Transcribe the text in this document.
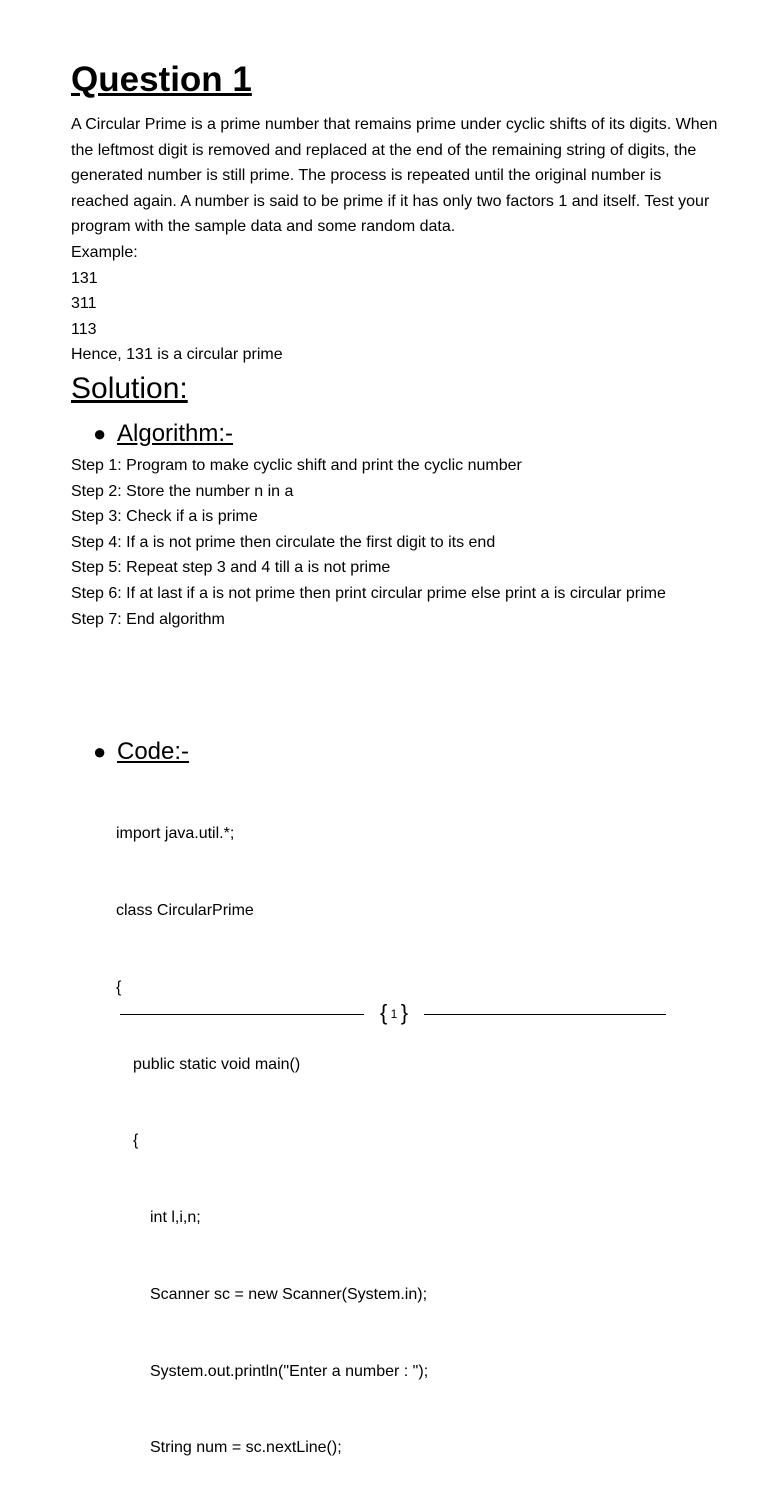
Question 1

A Circular Prime is a prime number that remains prime under cyclic shifts of its digits. When the leftmost digit is removed and replaced at the end of the remaining string of digits, the generated number is still prime. The process is repeated until the original number is reached again. A number is said to be prime if it has only two factors 1 and itself. Test your program with the sample data and some random data.

Example:

131

311

113

Hence, 131 is a circular prime

Solution:
● Algorithm:-

Step 1: Program to make cyclic shift and print the cyclic number

Step 2: Store the number n in a

Step 3: Check if a is prime

Step 4: If a is not prime then circulate the first digit to its end

Step 5: Repeat step 3 and 4 till a is not prime

Step 6: If at last if a is not prime then print circular prime else print a is circular prime

Step 7: End algorithm

● Code:-

import java.util.*;

class CircularPrime

{

public static void main()

{

int l,i,n;

Scanner sc = new Scanner(System.in);

System.out.println("Enter a number : ");

String num = sc.nextLine();

{ 1 }
